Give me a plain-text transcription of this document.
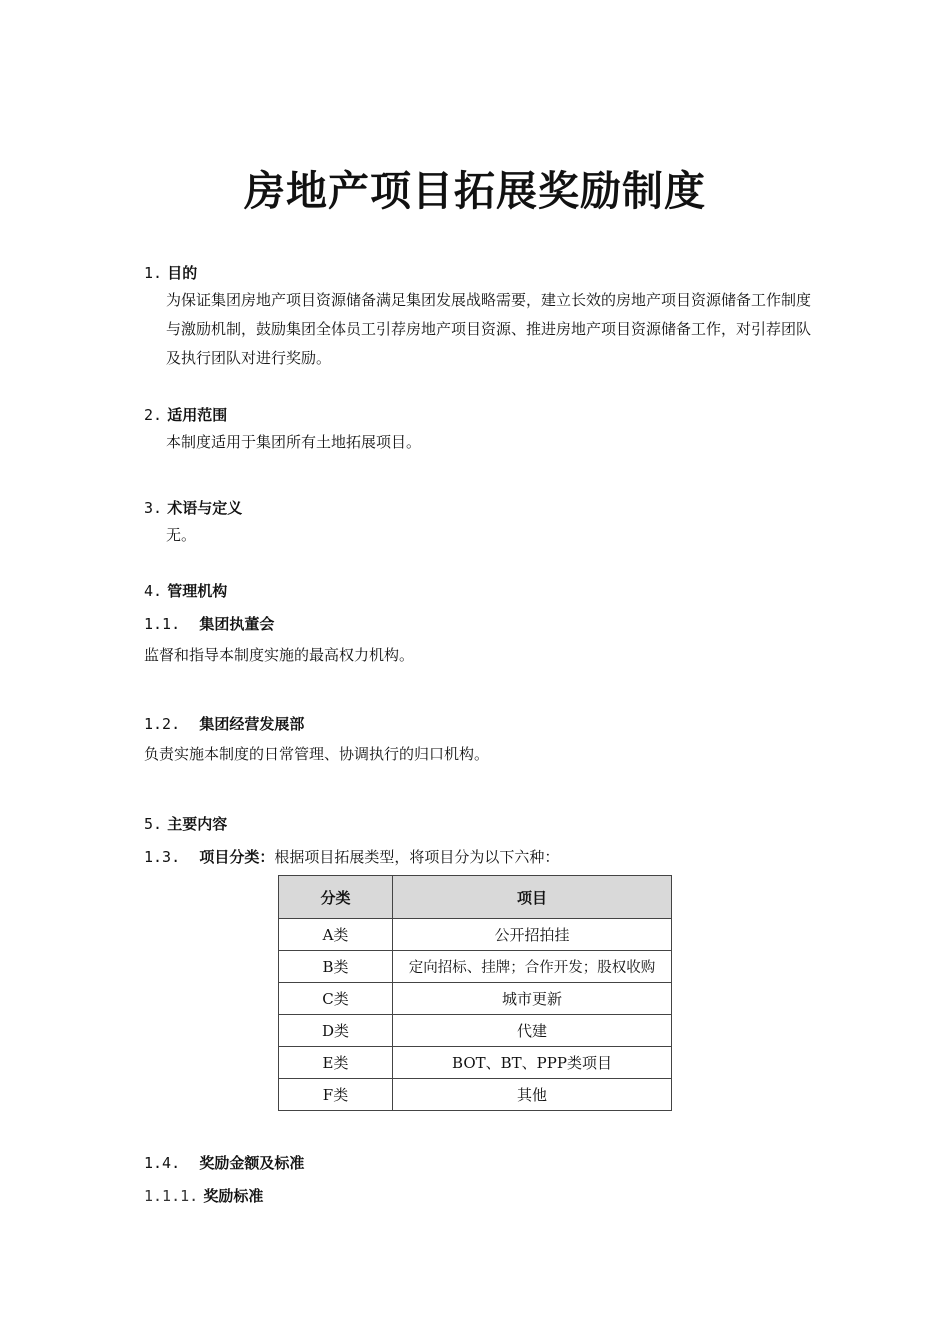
房地产项目拓展奖励制度
1. 目的
为保证集团房地产项目资源储备满足集团发展战略需要，建立长效的房地产项目资源储备工作制度与激励机制，鼓励集团全体员工引荐房地产项目资源、推进房地产项目资源储备工作，对引荐团队及执行团队对进行奖励。
2. 适用范围
本制度适用于集团所有土地拓展项目。
3. 术语与定义
无。
4. 管理机构
1.1. 集团执董会
监督和指导本制度实施的最高权力机构。
1.2. 集团经营发展部
负责实施本制度的日常管理、协调执行的归口机构。
5. 主要内容
1.3. 项目分类：根据项目拓展类型，将项目分为以下六种：
分类	项目
A类	公开招拍挂
B类	定向招标、挂牌；合作开发；股权收购
C类	城市更新
D类	代建
E类	BOT、BT、PPP类项目
F类	其他
1.4. 奖励金额及标准
1.1.1. 奖励标准
